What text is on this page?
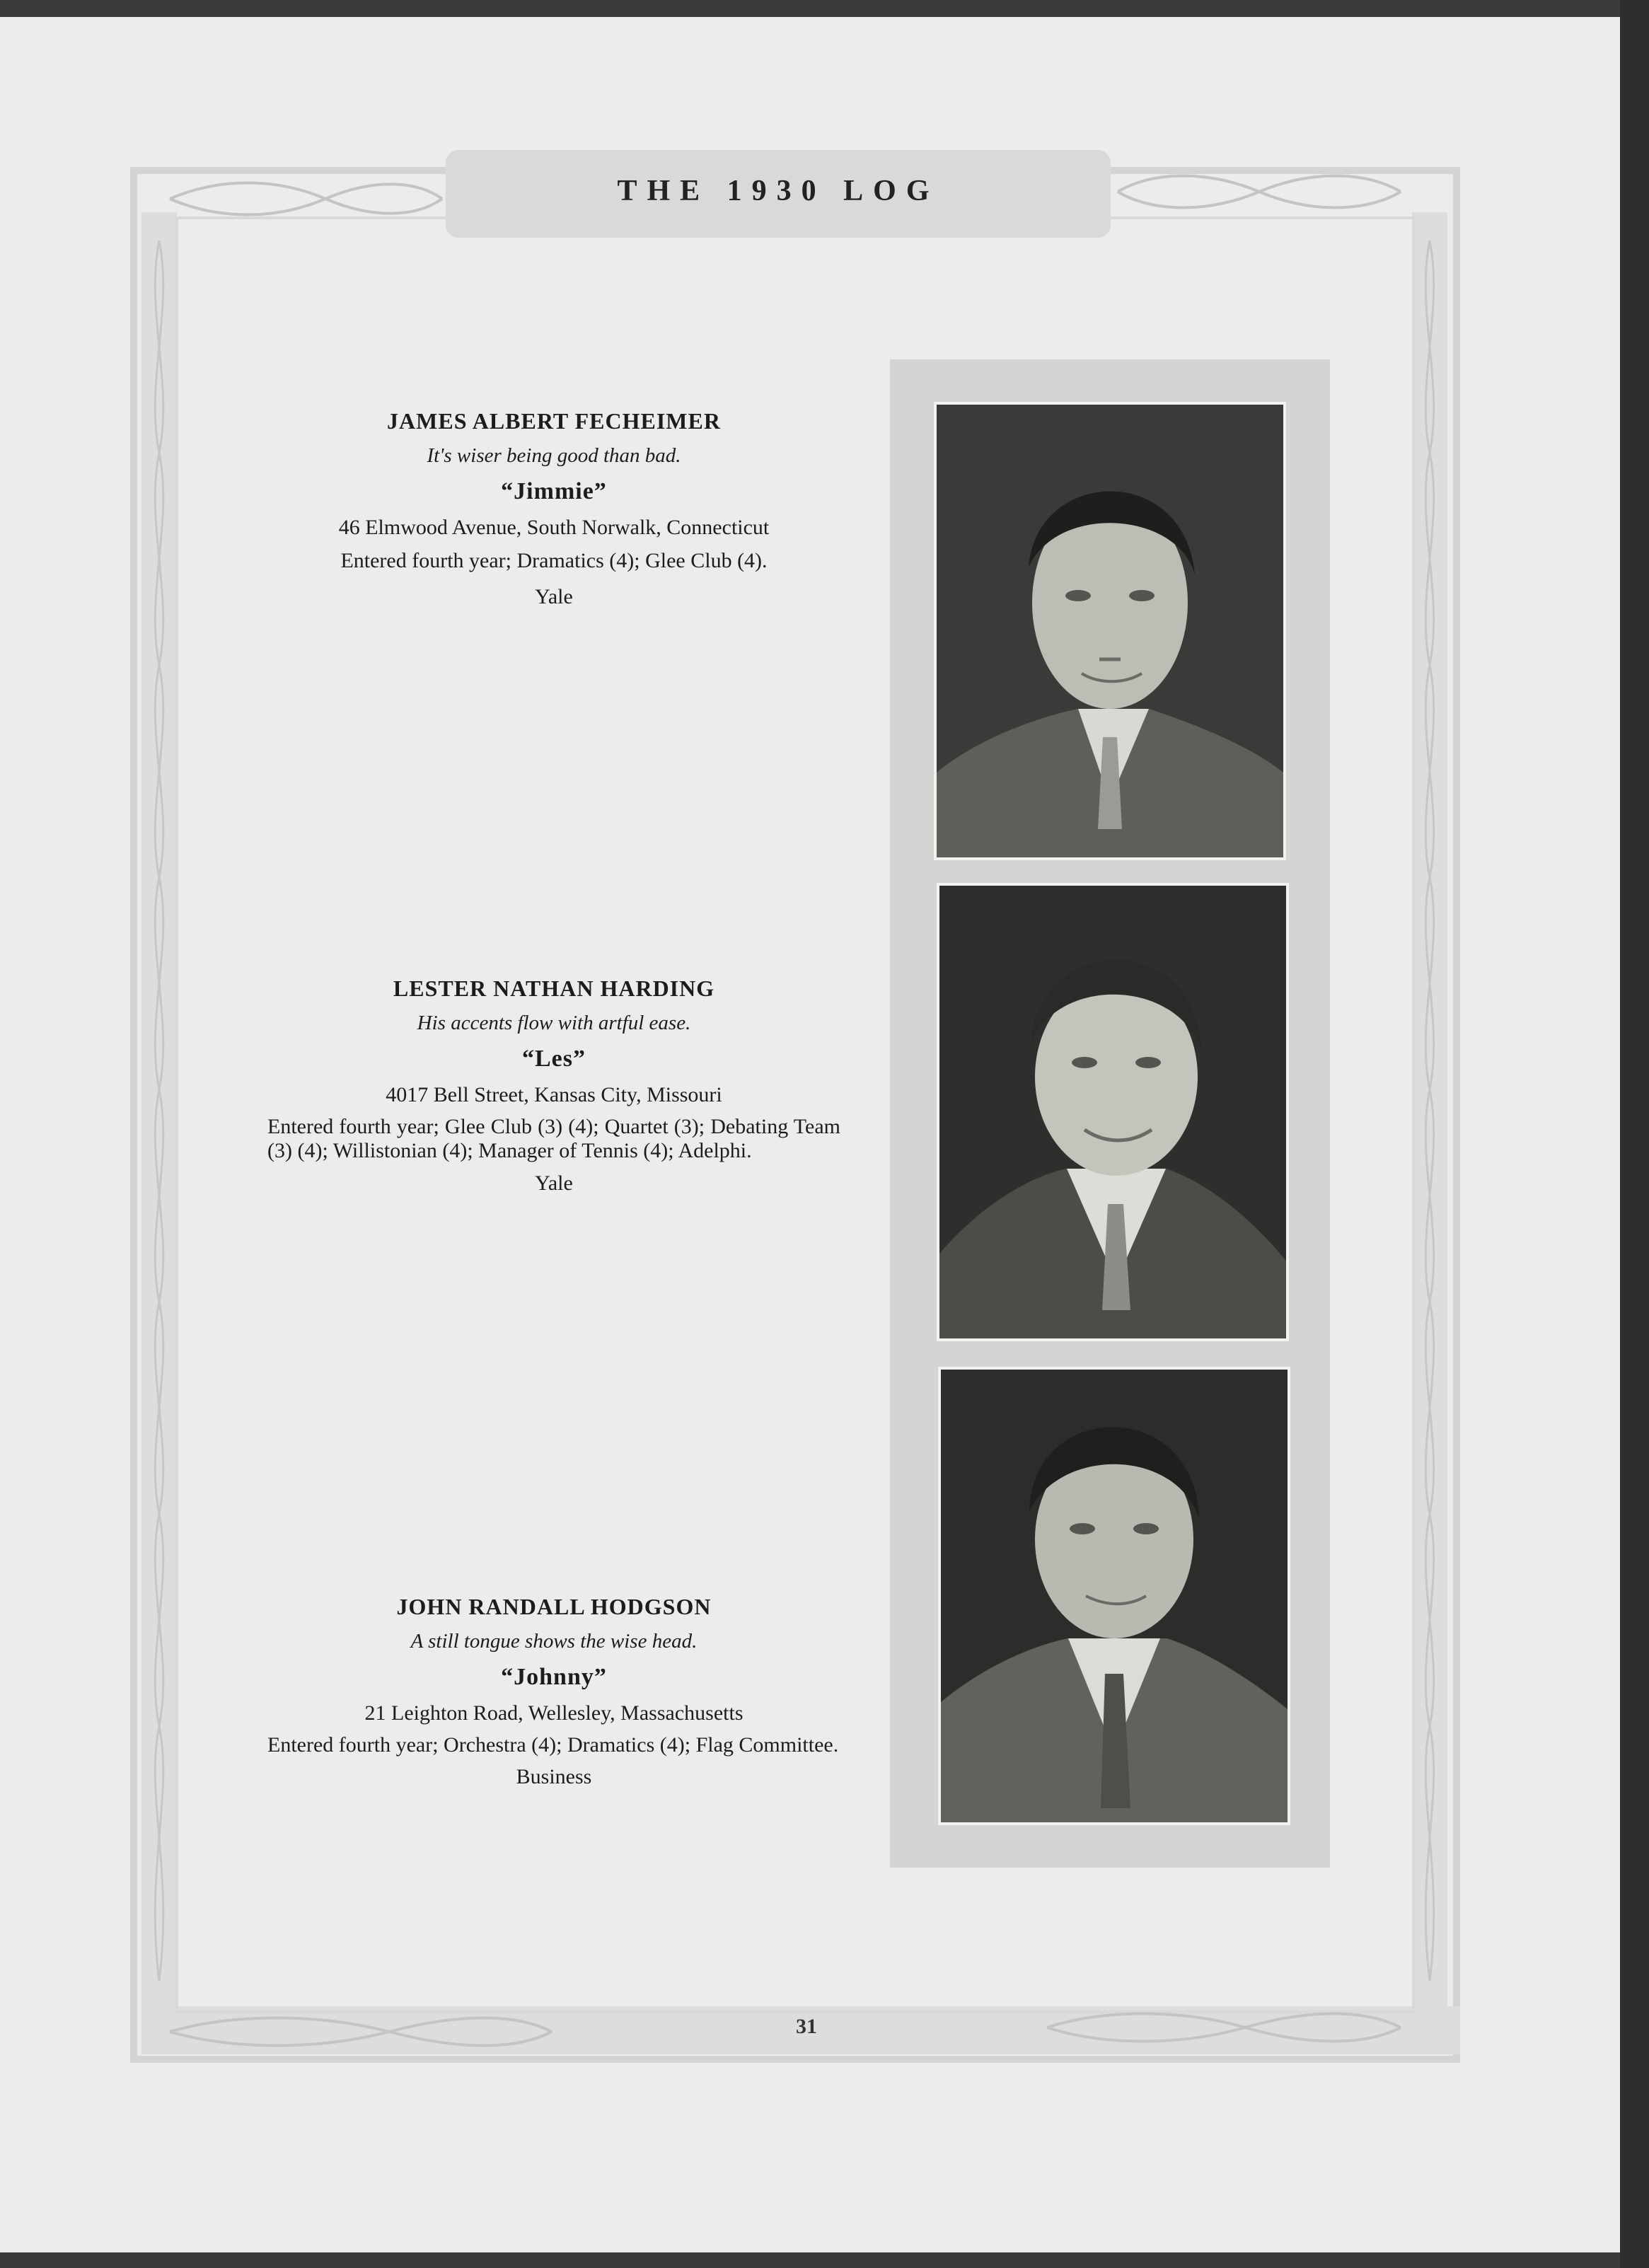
THE 1930 LOG
JAMES ALBERT FECHEIMER
It's wiser being good than bad.
“Jimmie”
46 Elmwood Avenue, South Norwalk, Connecticut
Entered fourth year; Dramatics (4); Glee Club (4).
Yale
LESTER NATHAN HARDING
His accents flow with artful ease.
“Les”
4017 Bell Street, Kansas City, Missouri
Entered fourth year; Glee Club (3) (4); Quartet (3); Debating Team (3) (4); Willistonian (4); Manager of Tennis (4); Adelphi.
Yale
JOHN RANDALL HODGSON
A still tongue shows the wise head.
“Johnny”
21 Leighton Road, Wellesley, Massachusetts
Entered fourth year; Orchestra (4); Dramatics (4); Flag Committee.
Business
31
